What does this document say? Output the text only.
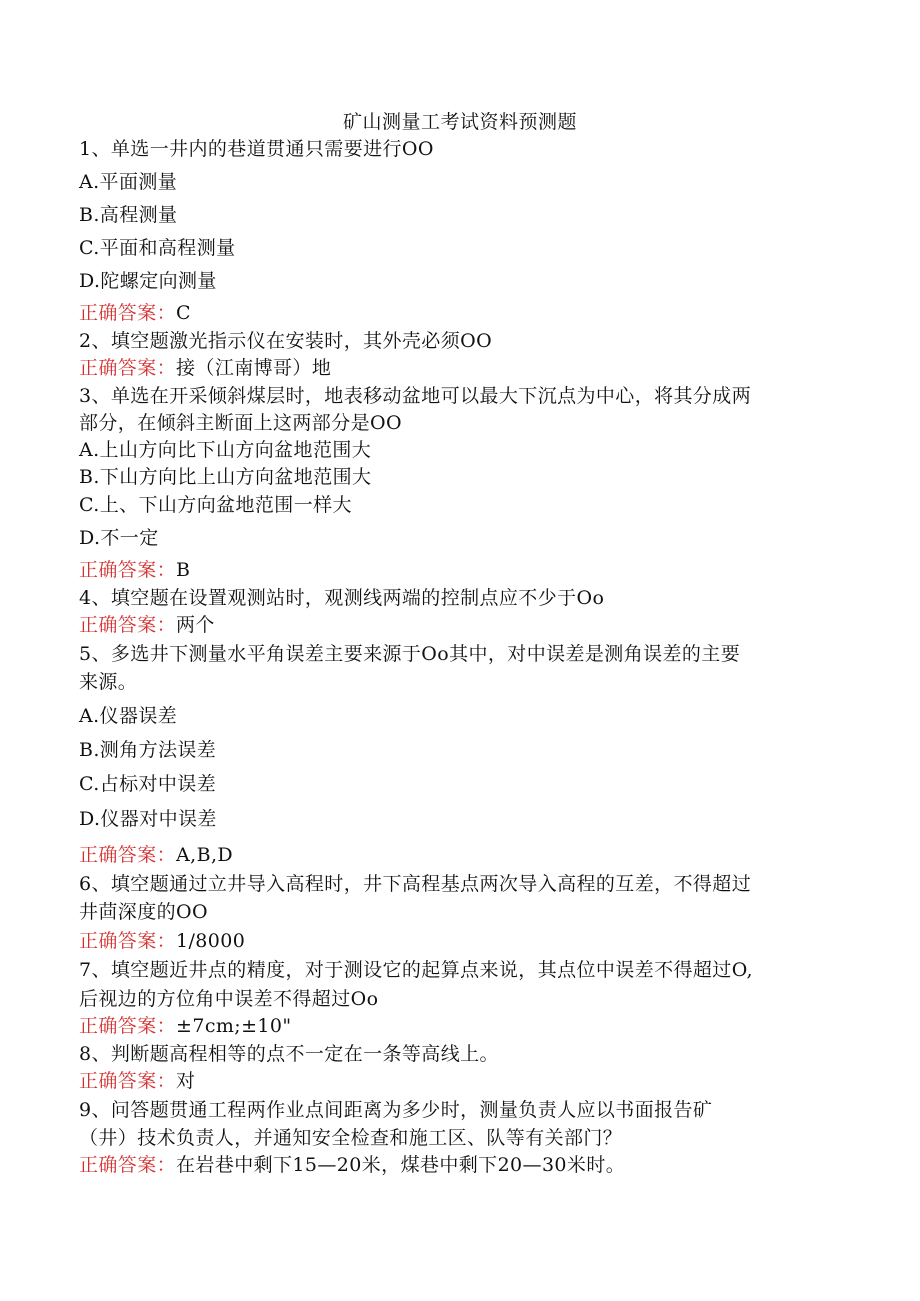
矿山测量工考试资料预测题
1、单选一井内的巷道贯通只需要进行OO
A.平面测量
B.高程测量
C.平面和高程测量
D.陀螺定向测量
正确答案：C
2、填空题激光指示仪在安装时，其外壳必须OO
正确答案：接（江南博哥）地
3、单选在开采倾斜煤层时，地表移动盆地可以最大下沉点为中心，将其分成两
部分，在倾斜主断面上这两部分是OO
A.上山方向比下山方向盆地范围大
B.下山方向比上山方向盆地范围大
C.上、下山方向盆地范围一样大
D.不一定
正确答案：B
4、填空题在设置观测站时，观测线两端的控制点应不少于Oo
正确答案：两个
5、多选井下测量水平角误差主要来源于Oo其中，对中误差是测角误差的主要
来源。
A.仪器误差
B.测角方法误差
C.占标对中误差
D.仪器对中误差
正确答案：A,B,D
6、填空题通过立井导入高程时，井下高程基点两次导入高程的互差，不得超过
井茴深度的OO
正确答案：1/8000
7、填空题近井点的精度，对于测设它的起算点来说，其点位中误差不得超过O,
后视边的方位角中误差不得超过Oo
正确答案：±7cm;±10"
8、判断题高程相等的点不一定在一条等高线上。
正确答案：对
9、问答题贯通工程两作业点间距离为多少时，测量负责人应以书面报告矿
（井）技术负责人，并通知安全检查和施工区、队等有关部门？
正确答案：在岩巷中剩下15—20米，煤巷中剩下20—30米时。
